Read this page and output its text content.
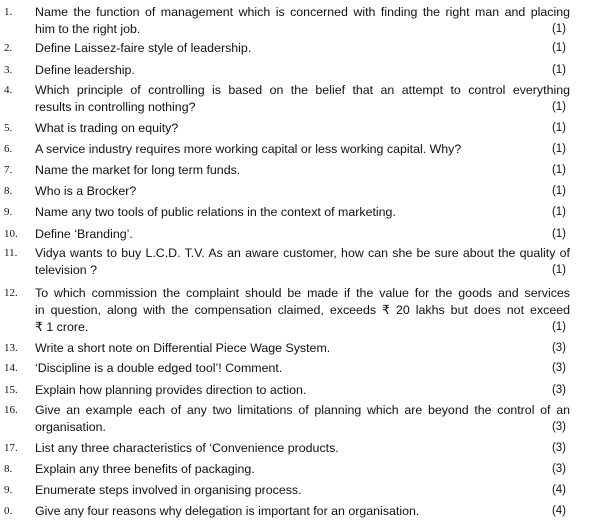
1.	Name the function of management which is concerned with finding the right man and placing
him to the right job.	(1)
2.	Define Laissez-faire style of leadership.	(1)
3.	Define leadership.	(1)
4.	Which principle of controlling is based on the belief that an attempt to control everything
results in controlling nothing?	(1)
5.	What is trading on equity?	(1)
6.	A service industry requires more working capital or less working capital. Why?	(1)
7.	Name the market for long term funds.	(1)
8.	Who is a Brocker?	(1)
9.	Name any two tools of public relations in the context of marketing.	(1)
10.	Define ‘Branding’.	(1)
11.	Vidya wants to buy L.C.D. T.V. As an aware customer, how can she be sure about the quality of
television ?	(1)
12.	To which commission the complaint should be made if the value for the goods and services
in question, along with the compensation claimed, exceeds ₹ 20 lakhs but does not exceed
₹ 1 crore.	(1)
13.	Write a short note on Differential Piece Wage System.	(3)
14.	‘Discipline is a double edged tool’! Comment.	(3)
15.	Explain how planning provides direction to action.	(3)
16.	Give an example each of any two limitations of planning which are beyond the control of an
organisation.	(3)
17.	List any three characteristics of ‘Convenience products.	(3)
8.	Explain any three benefits of packaging.	(3)
9.	Enumerate steps involved in organising process.	(4)
0.	Give any four reasons why delegation is important for an organisation.	(4)
